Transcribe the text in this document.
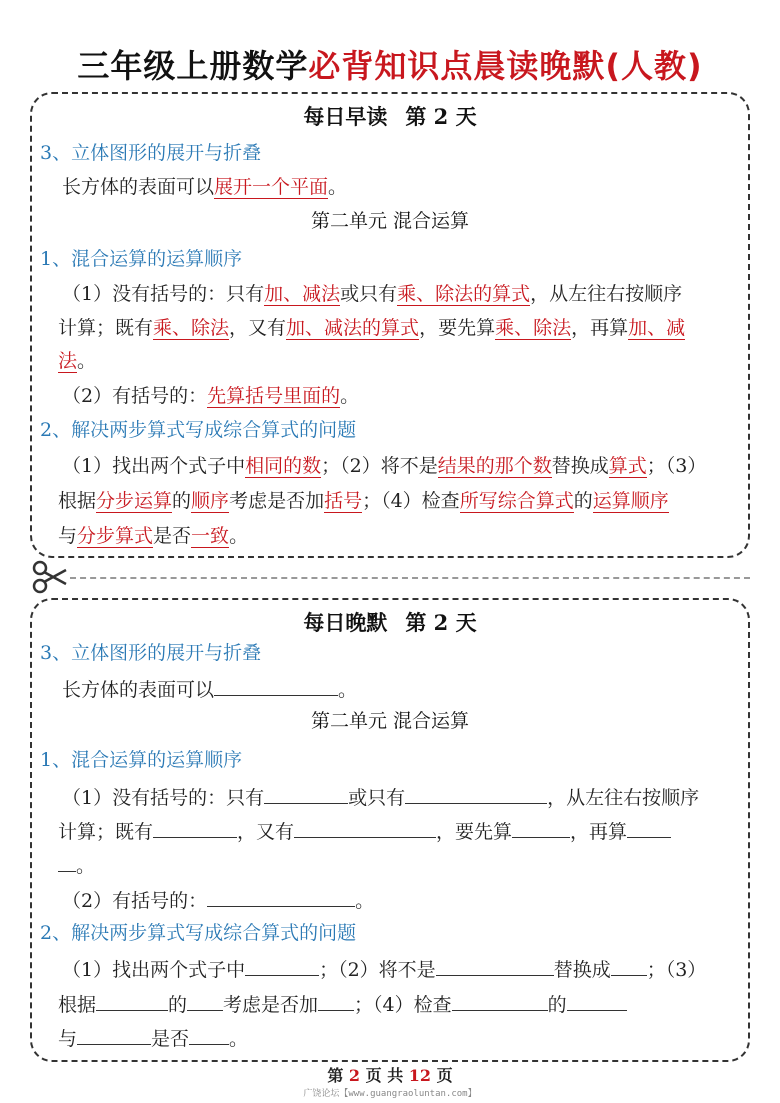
三年级上册数学必背知识点晨读晚默(人教)
每日早读 第 2 天
3、立体图形的展开与折叠
长方体的表面可以展开一个平面。
第二单元 混合运算
1、混合运算的运算顺序
（1）没有括号的：只有加、减法或只有乘、除法的算式，从左往右按顺序
计算；既有乘、除法，又有加、减法的算式，要先算乘、除法，再算加、减
法。
（2）有括号的：先算括号里面的。
2、解决两步算式写成综合算式的问题
（1）找出两个式子中相同的数；（2）将不是结果的那个数替换成算式；（3）
根据分步运算的顺序考虑是否加括号；（4）检查所写综合算式的运算顺序
与分步算式是否一致。
每日晚默 第 2 天
3、立体图形的展开与折叠
长方体的表面可以	。
第二单元 混合运算
1、混合运算的运算顺序
（1）没有括号的：只有	或只有	，从左往右按顺序
计算；既有	，又有	，要先算	，再算
。
（2）有括号的：	。
2、解决两步算式写成综合算式的问题
（1）找出两个式子中	；（2）将不是	替换成 ；（3）
根据	的 考虑是否加 ；（4）检查	的
与	是否 。
第 2 页 共 12 页
广饶论坛【www.guangraoluntan.com】
